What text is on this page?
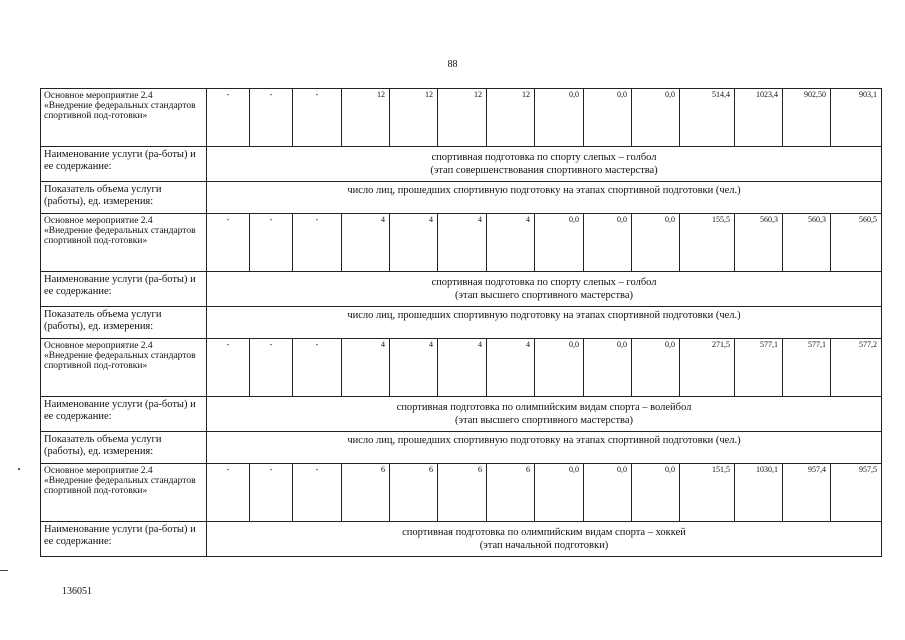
88
Основное мероприятие 2.4 «Внедрение федеральных стандартов спортивной под-готовки»	-	-	-	12	12	12	12	0,0	0,0	0,0	514,4	1023,4	902,50	903,1
Наименование услуги (ра-боты) и ее содержание:	спортивная подготовка по спорту слепых – голбол
(этап совершенствования спортивного мастерства)													

Показатель объема услуги (работы), ед. измерения:	число лиц, прошедших спортивную подготовку на этапах спортивной подготовки (чел.)													
Основное мероприятие 2.4 «Внедрение федеральных стандартов спортивной под-готовки»	-	-	-	4	4	4	4	0,0	0,0	0,0	155,5	560,3	560,3	560,5
Наименование услуги (ра-боты) и ее содержание:	спортивная подготовка по спорту слепых – голбол
(этап высшего спортивного мастерства)													

Показатель объема услуги (работы), ед. измерения:	число лиц, прошедших спортивную подготовку на этапах спортивной подготовки (чел.)													
Основное мероприятие 2.4 «Внедрение федеральных стандартов спортивной под-готовки»	-	-	-	4	4	4	4	0,0	0,0	0,0	271,5	577,1	577,1	577,2
Наименование услуги (ра-боты) и ее содержание:	спортивная подготовка по олимпийским видам спорта – волейбол
(этап высшего спортивного мастерства)													

Показатель объема услуги (работы), ед. измерения:	число лиц, прошедших спортивную подготовку на этапах спортивной подготовки (чел.)													
Основное мероприятие 2.4 «Внедрение федеральных стандартов спортивной под-готовки»	-	-	-	6	6	6	6	0,0	0,0	0,0	151,5	1030,1	957,4	957,5
Наименование услуги (ра-боты) и ее содержание:	спортивная подготовка по олимпийским видам спорта – хоккей
(этап начальной подготовки)													
136051
